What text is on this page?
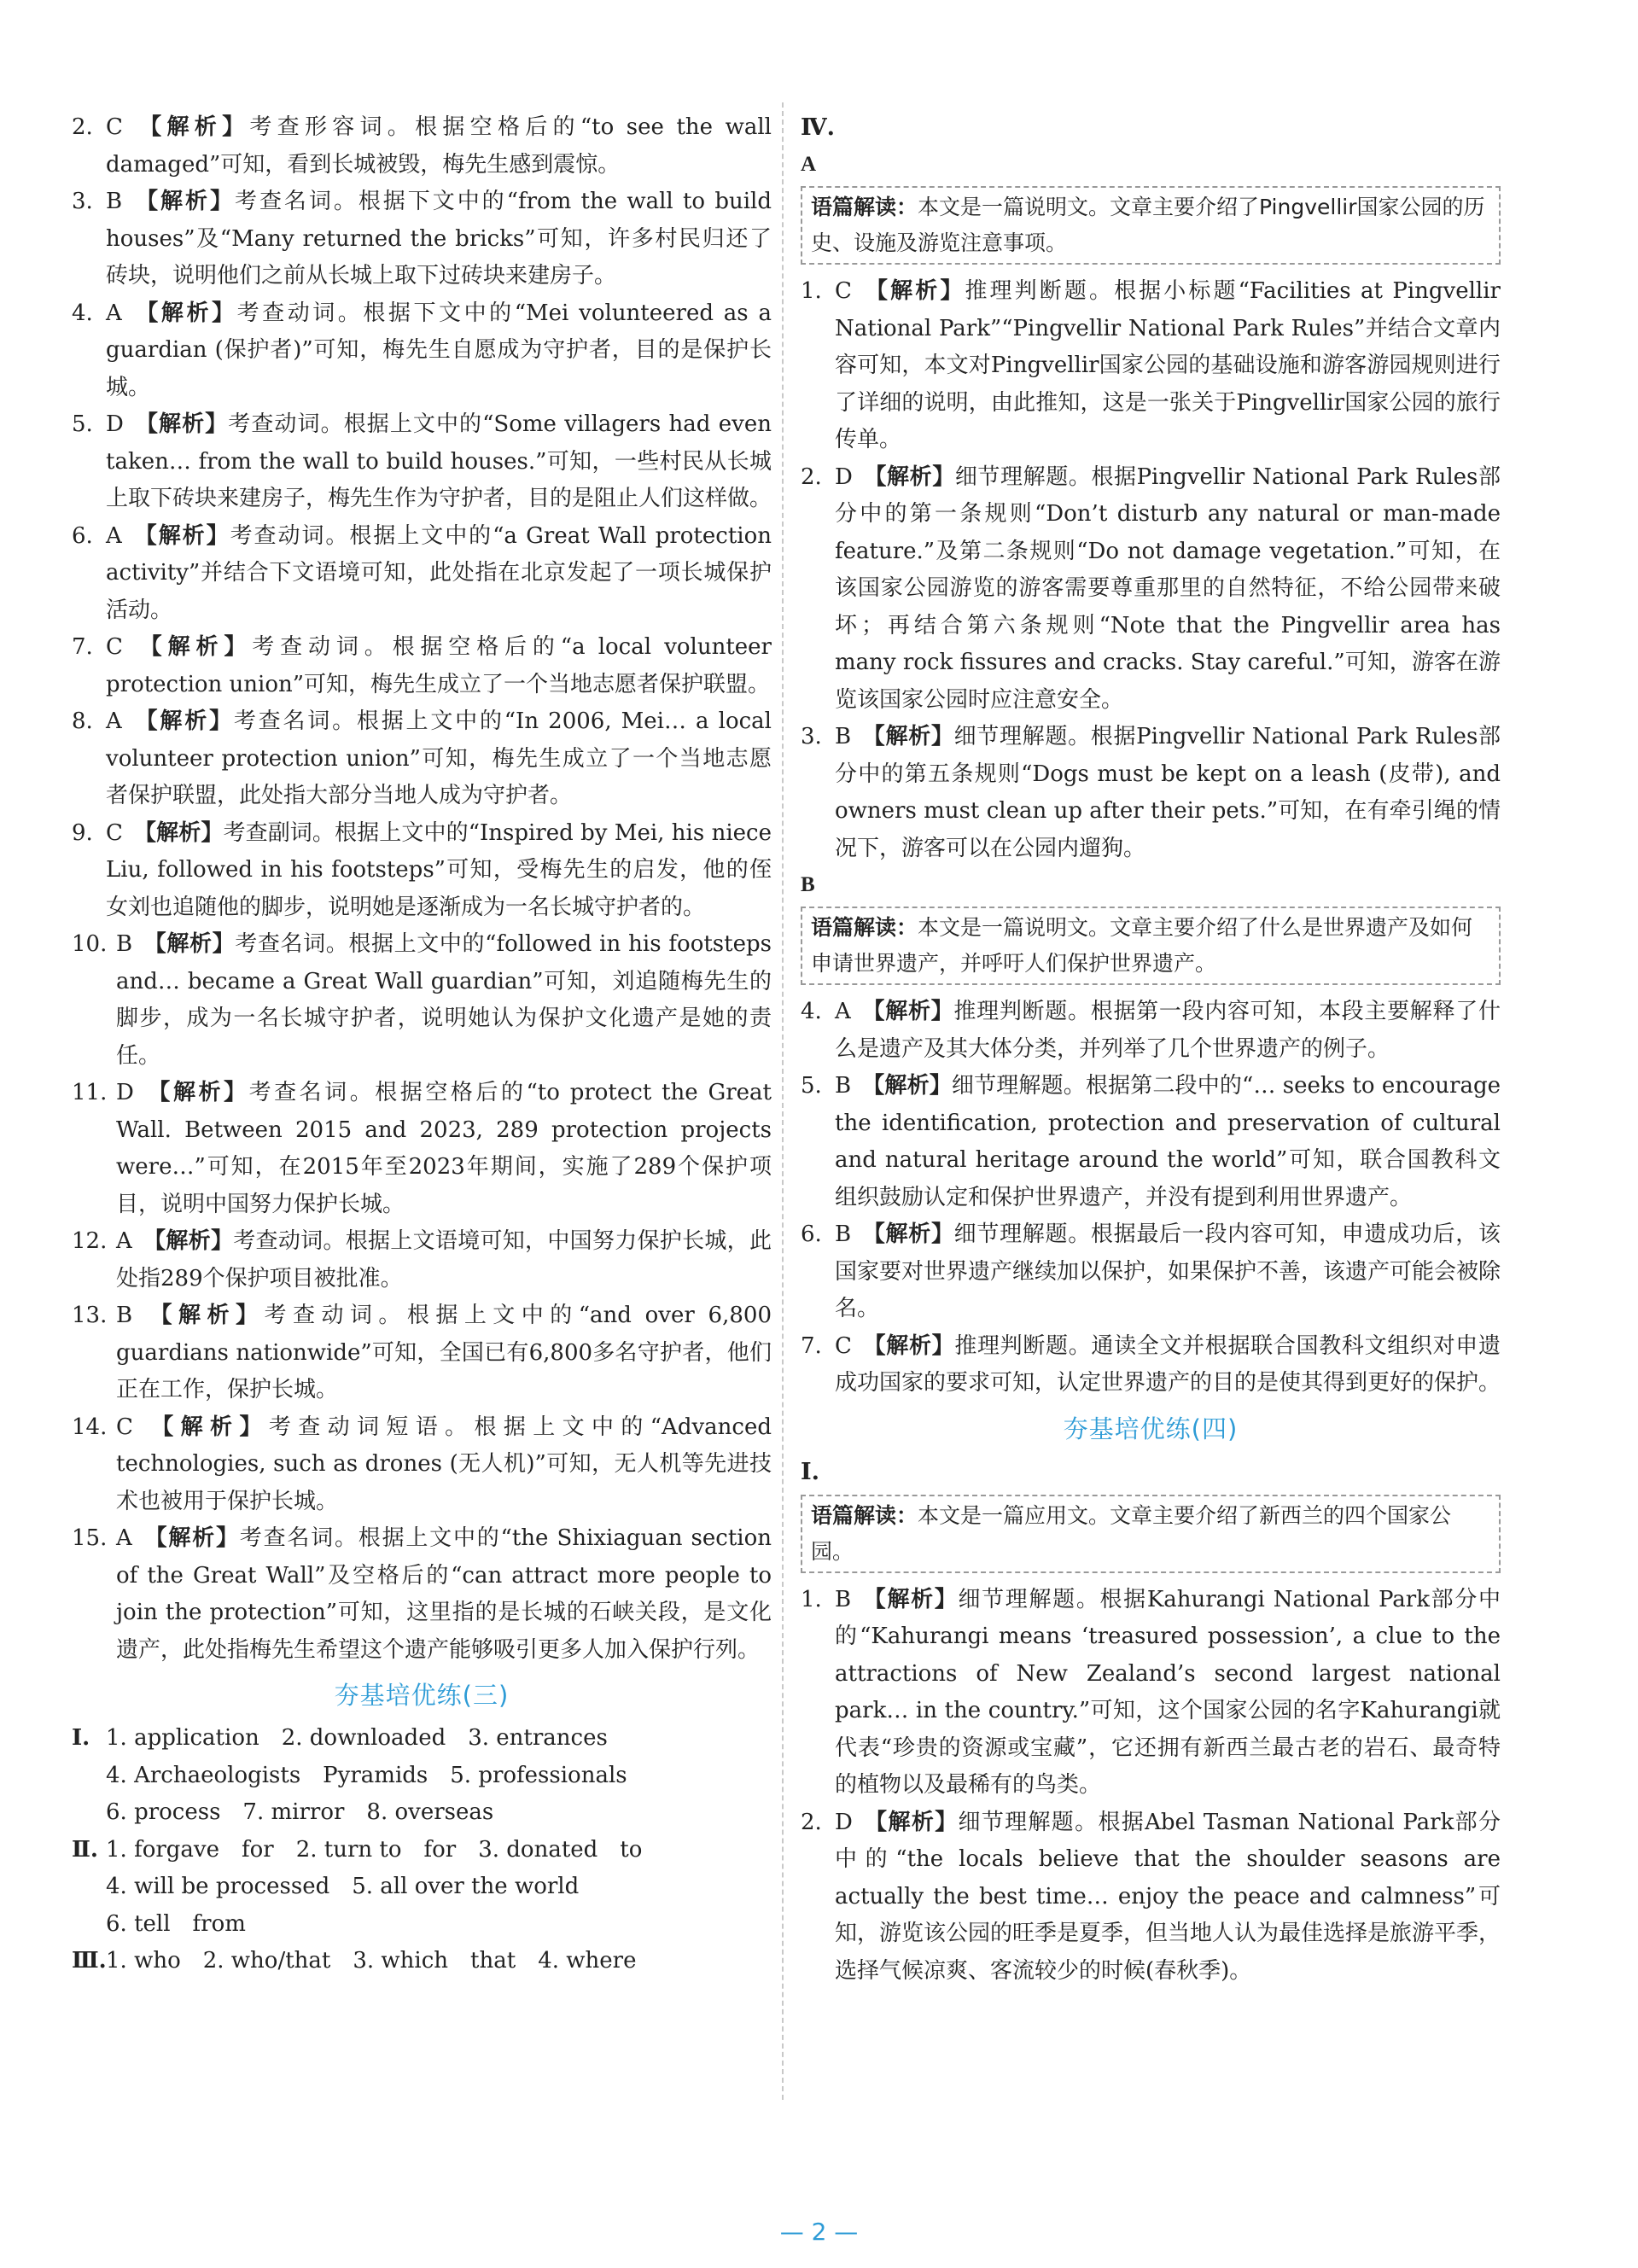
2. C  【解析】考查形容词。根据空格后的“to see the wall damaged”可知，看到长城被毁，梅先生感到震惊。

3. B  【解析】考查名词。根据下文中的“from the wall to build houses”及“Many returned the bricks”可知，许多村民归还了砖块，说明他们之前从长城上取下过砖块来建房子。

4. A  【解析】考查动词。根据下文中的“Mei volunteered as a guardian (保护者)”可知，梅先生自愿成为守护者，目的是保护长城。

5. D  【解析】考查动词。根据上文中的“Some villagers had even taken… from the wall to build houses.”可知，一些村民从长城上取下砖块来建房子，梅先生作为守护者，目的是阻止人们这样做。

6. A  【解析】考查动词。根据上文中的“a Great Wall protection activity”并结合下文语境可知，此处指在北京发起了一项长城保护活动。

7. C  【解析】考查动词。根据空格后的“a local volunteer protection union”可知，梅先生成立了一个当地志愿者保护联盟。

8. A  【解析】考查名词。根据上文中的“In 2006, Mei… a local volunteer protection union”可知，梅先生成立了一个当地志愿者保护联盟，此处指大部分当地人成为守护者。

9. C  【解析】考查副词。根据上文中的“Inspired by Mei, his niece Liu, followed in his footsteps”可知，受梅先生的启发，他的侄女刘也追随他的脚步，说明她是逐渐成为一名长城守护者的。

10. B  【解析】考查名词。根据上文中的“followed in his footsteps and… became a Great Wall guardian”可知，刘追随梅先生的脚步，成为一名长城守护者，说明她认为保护文化遗产是她的责任。

11. D  【解析】考查名词。根据空格后的“to protect the Great Wall. Between 2015 and 2023, 289 protection projects were…”可知，在2015年至2023年期间，实施了289个保护项目，说明中国努力保护长城。

12. A  【解析】考查动词。根据上文语境可知，中国努力保护长城，此处指289个保护项目被批准。

13. B  【解析】考查动词。根据上文中的“and over 6,800 guardians nationwide”可知，全国已有6,800多名守护者，他们正在工作，保护长城。

14. C  【解析】考查动词短语。根据上文中的“Advanced technologies, such as drones (无人机)”可知，无人机等先进技术也被用于保护长城。

15. A  【解析】考查名词。根据上文中的“the Shixiaguan section of the Great Wall”及空格后的“can attract more people to join the protection”可知，这里指的是长城的石峡关段，是文化遗产，此处指梅先生希望这个遗产能够吸引更多人加入保护行列。

夯基培优练(三)

Ⅰ. 1. application　2. downloaded　3. entrances

4. Archaeologists　Pyramids　5. professionals

6. process　7. mirror　8. overseas

Ⅱ. 1. forgave　for　2. turn to　for　3. donated　to

4. will be processed　5. all over the world

6. tell　from

Ⅲ. 1. who　2. who/that　3. which　that　4. where

Ⅳ.
A
语篇解读：本文是一篇说明文。文章主要介绍了Pingvellir国家公园的历史、设施及游览注意事项。

1. C  【解析】推理判断题。根据小标题“Facilities at Pingvellir National Park”“Pingvellir National Park Rules”并结合文章内容可知，本文对Pingvellir国家公园的基础设施和游客游园规则进行了详细的说明，由此推知，这是一张关于Pingvellir国家公园的旅行传单。

2. D  【解析】细节理解题。根据Pingvellir National Park Rules部分中的第一条规则“Don’t disturb any natural or man-made feature.”及第二条规则“Do not damage vegetation.”可知，在该国家公园游览的游客需要尊重那里的自然特征，不给公园带来破坏；再结合第六条规则“Note that the Pingvellir area has many rock fissures and cracks. Stay careful.”可知，游客在游览该国家公园时应注意安全。

3. B  【解析】细节理解题。根据Pingvellir National Park Rules部分中的第五条规则“Dogs must be kept on a leash (皮带), and owners must clean up after their pets.”可知，在有牵引绳的情况下，游客可以在公园内遛狗。

B
语篇解读：本文是一篇说明文。文章主要介绍了什么是世界遗产及如何申请世界遗产，并呼吁人们保护世界遗产。

4. A  【解析】推理判断题。根据第一段内容可知，本段主要解释了什么是遗产及其大体分类，并列举了几个世界遗产的例子。

5. B  【解析】细节理解题。根据第二段中的“… seeks to encourage the identification, protection and preservation of cultural and natural heritage around the world”可知，联合国教科文组织鼓励认定和保护世界遗产，并没有提到利用世界遗产。

6. B  【解析】细节理解题。根据最后一段内容可知，申遗成功后，该国家要对世界遗产继续加以保护，如果保护不善，该遗产可能会被除名。

7. C  【解析】推理判断题。通读全文并根据联合国教科文组织对申遗成功国家的要求可知，认定世界遗产的目的是使其得到更好的保护。

夯基培优练(四)
Ⅰ.
语篇解读：本文是一篇应用文。文章主要介绍了新西兰的四个国家公园。

1. B  【解析】细节理解题。根据Kahurangi National Park部分中的“Kahurangi means ‘treasured possession’, a clue to the attractions of New Zealand’s second largest national park… in the country.”可知，这个国家公园的名字Kahurangi就代表“珍贵的资源或宝藏”，它还拥有新西兰最古老的岩石、最奇特的植物以及最稀有的鸟类。

2. D  【解析】细节理解题。根据Abel Tasman National Park部分中的“the locals believe that the shoulder seasons are actually the best time… enjoy the peace and calmness”可知，游览该公园的旺季是夏季，但当地人认为最佳选择是旅游平季，选择气候凉爽、客流较少的时候(春秋季)。

— 2 —
